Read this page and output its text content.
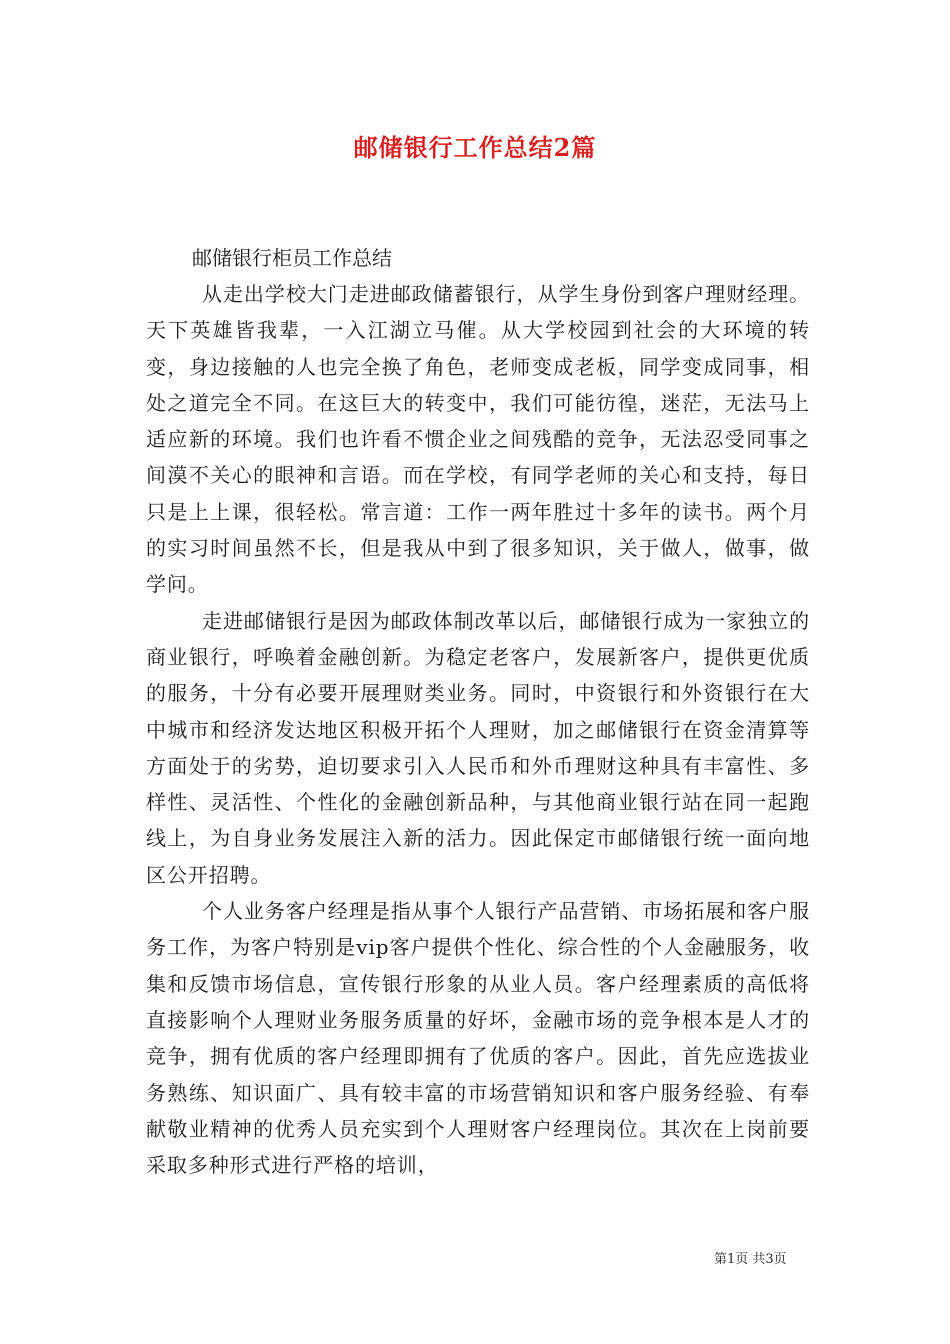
邮储银行工作总结2篇

邮储银行柜员工作总结

从走出学校大门走进邮政储蓄银行，从学生身份到客户理财经理。天下英雄皆我辈，一入江湖立马催。从大学校园到社会的大环境的转变，身边接触的人也完全换了角色，老师变成老板，同学变成同事，相处之道完全不同。在这巨大的转变中，我们可能彷徨，迷茫，无法马上适应新的环境。我们也许看不惯企业之间残酷的竞争，无法忍受同事之间漠不关心的眼神和言语。而在学校，有同学老师的关心和支持，每日只是上上课，很轻松。常言道：工作一两年胜过十多年的读书。两个月的实习时间虽然不长，但是我从中到了很多知识，关于做人，做事，做学问。

走进邮储银行是因为邮政体制改革以后，邮储银行成为一家独立的商业银行，呼唤着金融创新。为稳定老客户，发展新客户，提供更优质的服务，十分有必要开展理财类业务。同时，中资银行和外资银行在大中城市和经济发达地区积极开拓个人理财，加之邮储银行在资金清算等方面处于的劣势，迫切要求引入人民币和外币理财这种具有丰富性、多样性、灵活性、个性化的金融创新品种，与其他商业银行站在同一起跑线上，为自身业务发展注入新的活力。因此保定市邮储银行统一面向地区公开招聘。

个人业务客户经理是指从事个人银行产品营销、市场拓展和客户服务工作，为客户特别是vip客户提供个性化、综合性的个人金融服务，收集和反馈市场信息，宣传银行形象的从业人员。客户经理素质的高低将直接影响个人理财业务服务质量的好坏，金融市场的竞争根本是人才的竞争，拥有优质的客户经理即拥有了优质的客户。因此，首先应选拔业务熟练、知识面广、具有较丰富的市场营销知识和客户服务经验、有奉献敬业精神的优秀人员充实到个人理财客户经理岗位。其次在上岗前要采取多种形式进行严格的培训，

第1页 共3页
